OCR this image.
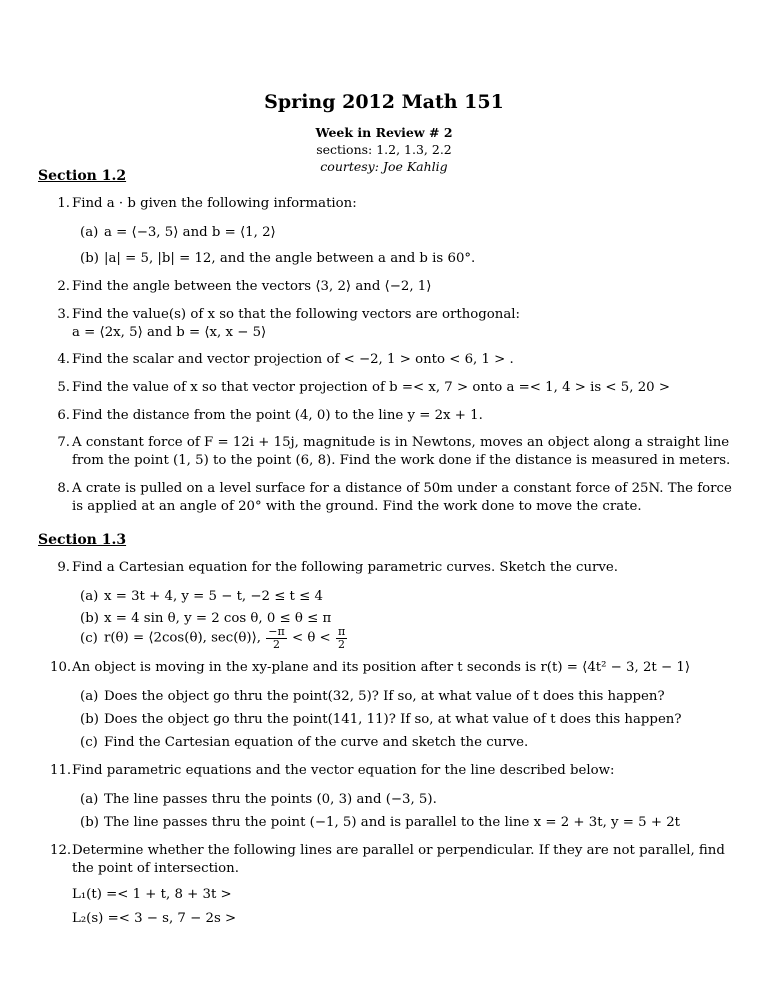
Spring 2012 Math 151
Week in Review # 2
sections: 1.2, 1.3, 2.2
courtesy: Joe Kahlig
Section 1.2
1. Find a · b given the following information:
(a) a = ⟨−3, 5⟩ and b = ⟨1, 2⟩
(b) |a| = 5, |b| = 12, and the angle between a and b is 60°.
2. Find the angle between the vectors ⟨3, 2⟩ and ⟨−2, 1⟩
3. Find the value(s) of x so that the following vectors are orthogonal:
a = ⟨2x, 5⟩ and b = ⟨x, x − 5⟩
4. Find the scalar and vector projection of < −2, 1 > onto < 6, 1 > .
5. Find the value of x so that vector projection of b =< x, 7 > onto a =< 1, 4 > is < 5, 20 >
6. Find the distance from the point (4, 0) to the line y = 2x + 1.
7. A constant force of F = 12i + 15j, magnitude is in Newtons, moves an object along a straight line from the point (1, 5) to the point (6, 8). Find the work done if the distance is measured in meters.
8. A crate is pulled on a level surface for a distance of 50m under a constant force of 25N. The force is applied at an angle of 20° with the ground. Find the work done to move the crate.
Section 1.3
9. Find a Cartesian equation for the following parametric curves. Sketch the curve.
(a) x = 3t + 4, y = 5 − t, −2 ≤ t ≤ 4
(b) x = 4 sin θ, y = 2 cos θ, 0 ≤ θ ≤ π
(c) r(θ) = ⟨2cos(θ), sec(θ)⟩, $\frac{-\pi}{2} < \theta < \frac{\pi}{2}$
10. An object is moving in the xy-plane and its position after t seconds is r(t) = ⟨4t² − 3, 2t − 1⟩
(a) Does the object go thru the point(32, 5)? If so, at what value of t does this happen?
(b) Does the object go thru the point(141, 11)? If so, at what value of t does this happen?
(c) Find the Cartesian equation of the curve and sketch the curve.
11. Find parametric equations and the vector equation for the line described below:
(a) The line passes thru the points (0, 3) and (−3, 5).
(b) The line passes thru the point (−1, 5) and is parallel to the line x = 2 + 3t, y = 5 + 2t
12. Determine whether the following lines are parallel or perpendicular. If they are not parallel, find the point of intersection.
L₁(t) =< 1 + t, 8 + 3t >
L₂(s) =< 3 − s, 7 − 2s >
